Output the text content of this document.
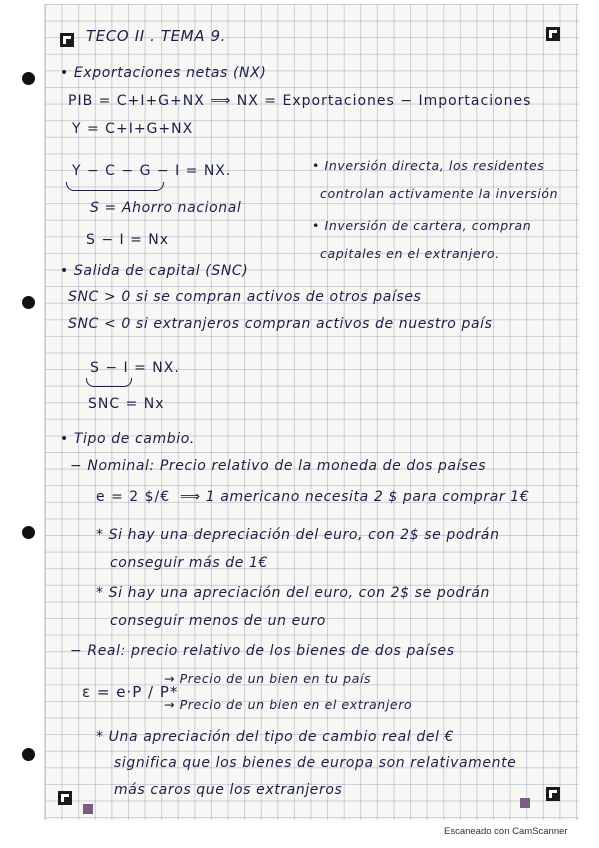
TECO II . TEMA 9.
• Exportaciones netas (NX)
PIB = C+I+G+NX ⟹ NX = Exportaciones − Importaciones
Y = C+I+G+NX
Y − C − G − I = NX.
S = Ahorro nacional
S − I = Nx
• Inversión directa, los residentes
controlan activamente la inversión
• Inversión de cartera, compran
capitales en el extranjero.
• Salida de capital (SNC)
SNC > 0 si se compran activos de otros países
SNC < 0 si extranjeros compran activos de nuestro país
S − I = NX.
SNC = Nx
• Tipo de cambio.
− Nominal: Precio relativo de la moneda de dos países
e = 2 $/€ ⟹ 1 americano necesita 2 $ para comprar 1€
* Si hay una depreciación del euro, con 2$ se podrán
conseguir más de 1€
* Si hay una apreciación del euro, con 2$ se podrán
conseguir menos de un euro
− Real: precio relativo de los bienes de dos países
ε = e·P / P*
→ Precio de un bien en tu país
→ Precio de un bien en el extranjero
* Una apreciación del tipo de cambio real del €
significa que los bienes de europa son relativamente
más caros que los extranjeros
Escaneado con CamScanner
